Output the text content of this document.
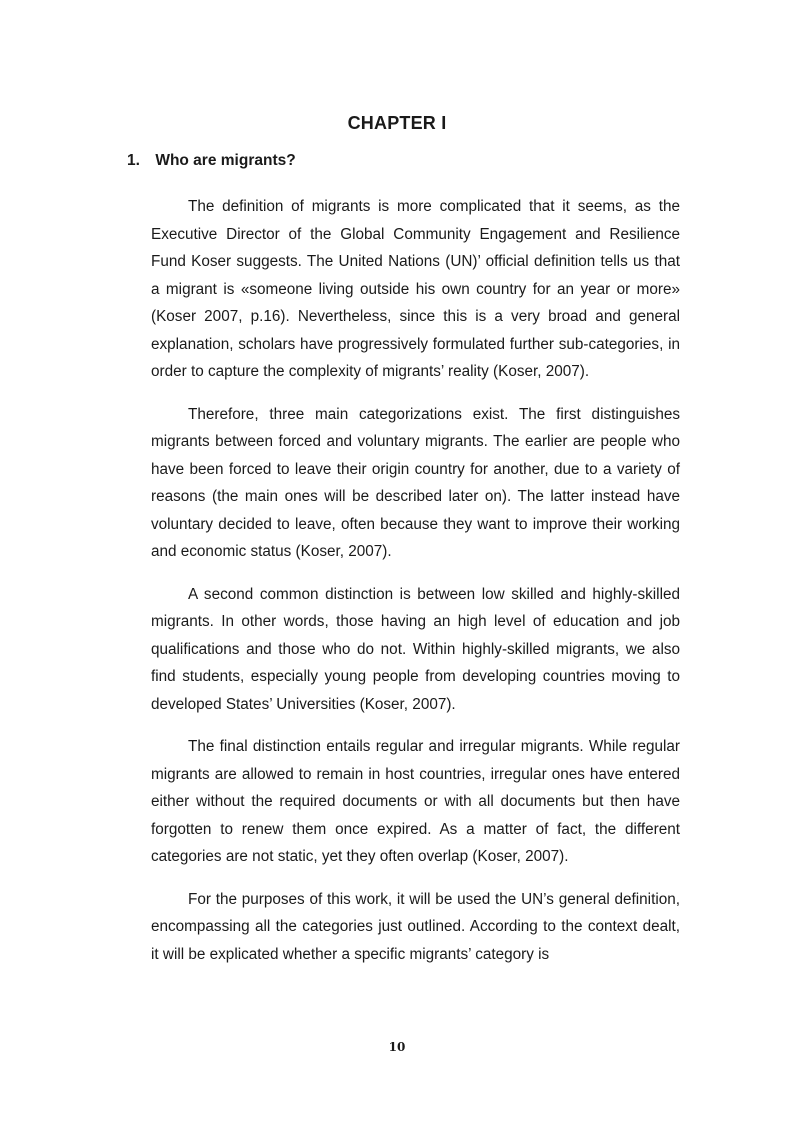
CHAPTER I
1. Who are migrants?

The definition of migrants is more complicated that it seems, as the Executive Director of the Global Community Engagement and Resilience Fund Koser suggests. The United Nations (UN)’ official definition tells us that a migrant is «someone living outside his own country for an year or more» (Koser 2007, p.16). Nevertheless, since this is a very broad and general explanation, scholars have progressively formulated further sub-categories, in order to capture the complexity of migrants’ reality (Koser, 2007).

Therefore, three main categorizations exist. The first distinguishes migrants between forced and voluntary migrants. The earlier are people who have been forced to leave their origin country for another, due to a variety of reasons (the main ones will be described later on). The latter instead have voluntary decided to leave, often because they want to improve their working and economic status (Koser, 2007).

A second common distinction is between low skilled and highly-skilled migrants. In other words, those having an high level of education and job qualifications and those who do not. Within highly-skilled migrants, we also find students, especially young people from developing countries moving to developed States’ Universities (Koser, 2007).

The final distinction entails regular and irregular migrants. While regular migrants are allowed to remain in host countries, irregular ones have entered either without the required documents or with all documents but then have forgotten to renew them once expired. As a matter of fact, the different categories are not static, yet they often overlap (Koser, 2007).

For the purposes of this work, it will be used the UN’s general definition, encompassing all the categories just outlined. According to the context dealt, it will be explicated whether a specific migrants’ category is

10
